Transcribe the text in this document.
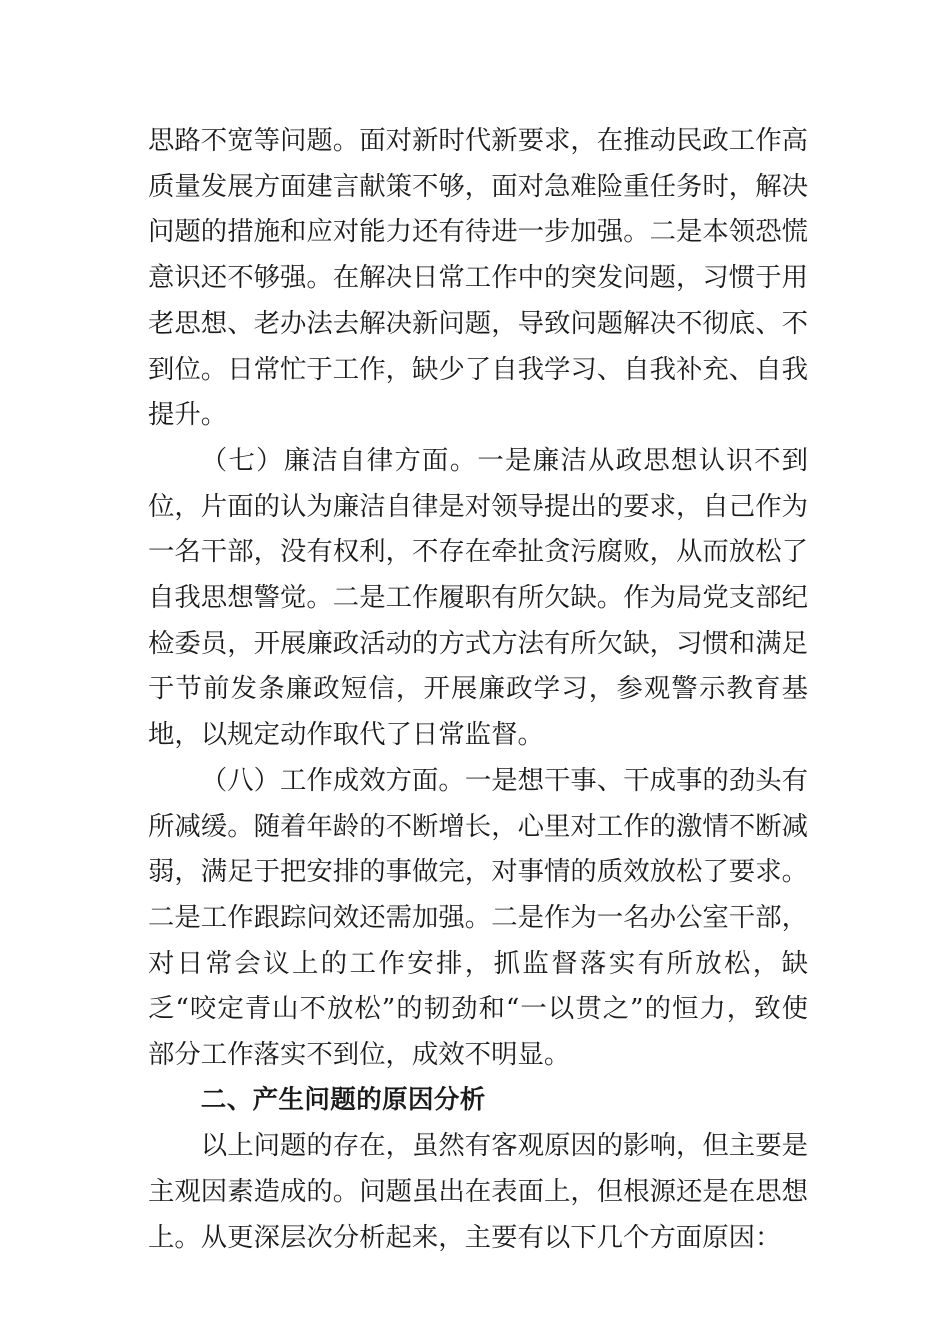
思路不宽等问题。面对新时代新要求，在推动民政工作高质量发展方面建言献策不够，面对急难险重任务时，解决问题的措施和应对能力还有待进一步加强。二是本领恐慌意识还不够强。在解决日常工作中的突发问题，习惯于用老思想、老办法去解决新问题，导致问题解决不彻底、不到位。日常忙于工作，缺少了自我学习、自我补充、自我提升。

（七）廉洁自律方面。一是廉洁从政思想认识不到位，片面的认为廉洁自律是对领导提出的要求，自己作为一名干部，没有权利，不存在牵扯贪污腐败，从而放松了自我思想警觉。二是工作履职有所欠缺。作为局党支部纪检委员，开展廉政活动的方式方法有所欠缺，习惯和满足于节前发条廉政短信，开展廉政学习，参观警示教育基地，以规定动作取代了日常监督。

（八）工作成效方面。一是想干事、干成事的劲头有所减缓。随着年龄的不断增长，心里对工作的激情不断减弱，满足于把安排的事做完，对事情的质效放松了要求。二是工作跟踪问效还需加强。二是作为一名办公室干部，对日常会议上的工作安排，抓监督落实有所放松，缺乏“咬定青山不放松”的韧劲和“一以贯之”的恒力，致使部分工作落实不到位，成效不明显。

二、产生问题的原因分析

以上问题的存在，虽然有客观原因的影响，但主要是主观因素造成的。问题虽出在表面上，但根源还是在思想上。从更深层次分析起来，主要有以下几个方面原因：
